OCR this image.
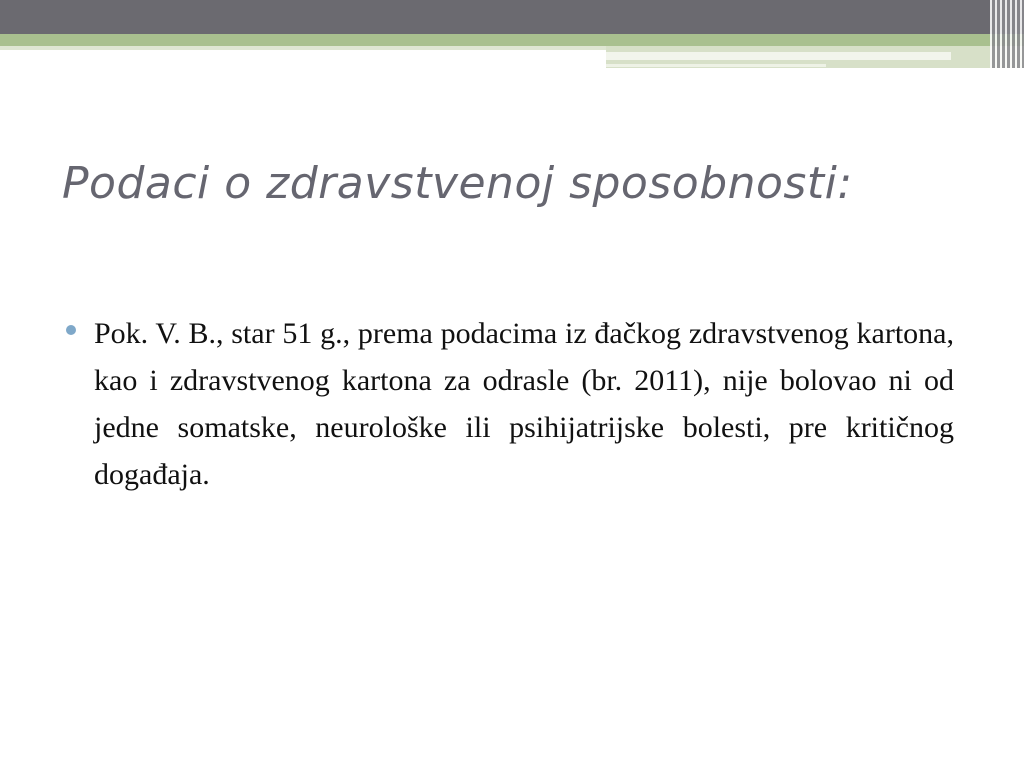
Podaci o zdravstvenoj sposobnosti:
Pok. V. B., star 51 g., prema podacima iz đačkog zdravstvenog kartona, kao i zdravstvenog kartona za odrasle (br. 2011), nije bolovao ni od jedne somatske, neurološke ili psihijatrijske bolesti, pre kritičnog događaja.
